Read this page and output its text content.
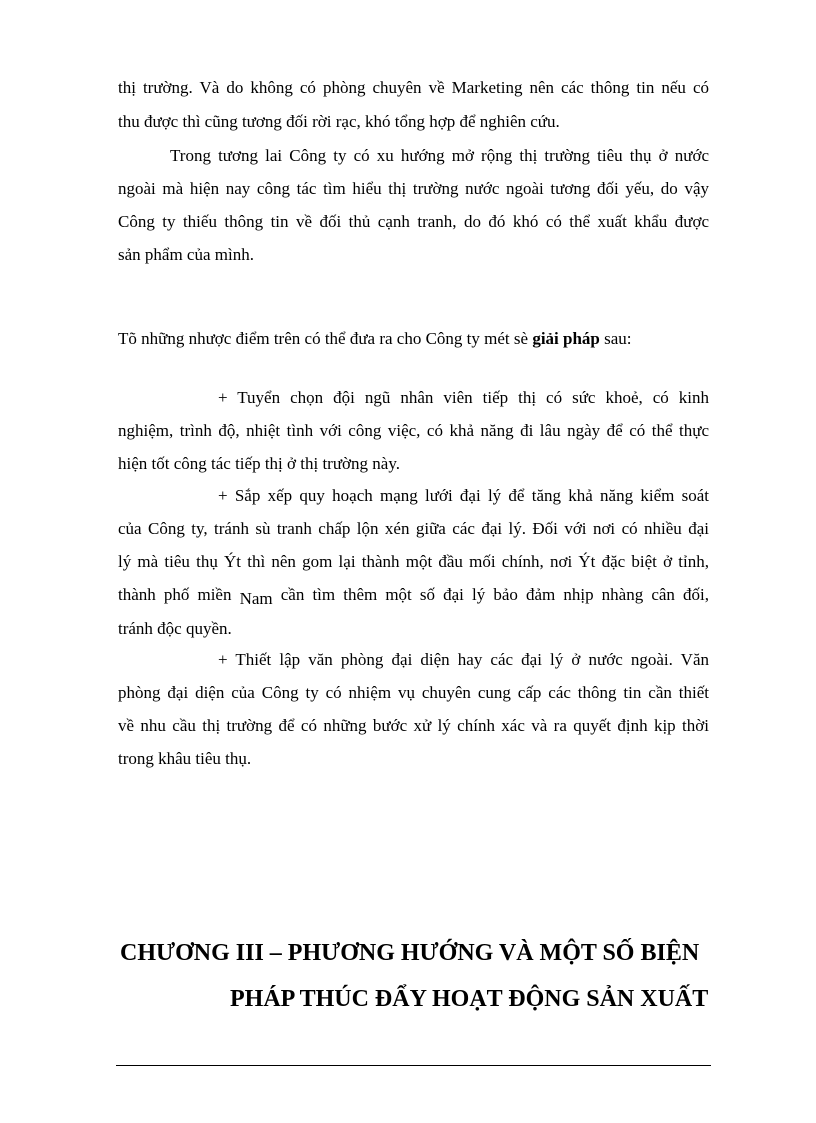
thị trường. Và do không có phòng chuyên về Marketing nên các thông tin nếu có
thu được thì cũng tương đối rời rạc, khó tổng hợp để nghiên cứu.
Trong tương lai Công ty có xu hướng mở rộng thị trường tiêu thụ ở nước
ngoài mà hiện nay công tác tìm hiểu thị trường nước ngoài tương đối yếu, do vậy
Công ty thiếu thông tin về đối thủ cạnh tranh, do đó khó có thể xuất khẩu được
sản phẩm của mình.
Tõ những nhược điểm trên có thể đưa ra cho Công ty mét sè giải pháp sau:
+ Tuyển chọn đội ngũ nhân viên tiếp thị có sức khoẻ, có kinh
nghiệm, trình độ, nhiệt tình với công việc, có khả năng đi lâu ngày để có thể thực
hiện tốt công tác tiếp thị ở thị trường này.
+ Sắp xếp quy hoạch mạng lưới đại lý để tăng khả năng kiểm soát
của Công ty, tránh sù tranh chấp lộn xén giữa các đại lý. Đối với nơi có nhiều đại
lý mà tiêu thụ Ýt thì nên gom lại thành một đầu mối chính, nơi Ýt đặc biệt ở tỉnh,
thành phố miền Nam cần tìm thêm một số đại lý bảo đảm nhịp nhàng cân đối,
tránh độc quyền.
+ Thiết lập văn phòng đại diện hay các đại lý ở nước ngoài. Văn
phòng đại diện của Công ty có nhiệm vụ chuyên cung cấp các thông tin cần thiết
về nhu cầu thị trường để có những bước xử lý chính xác và ra quyết định kịp thời
trong khâu tiêu thụ.
CHƯƠNG III – PHƯƠNG HƯỚNG VÀ MỘT SỐ BIỆN
PHÁP THÚC ĐẨY HOẠT ĐỘNG SẢN XUẤT
